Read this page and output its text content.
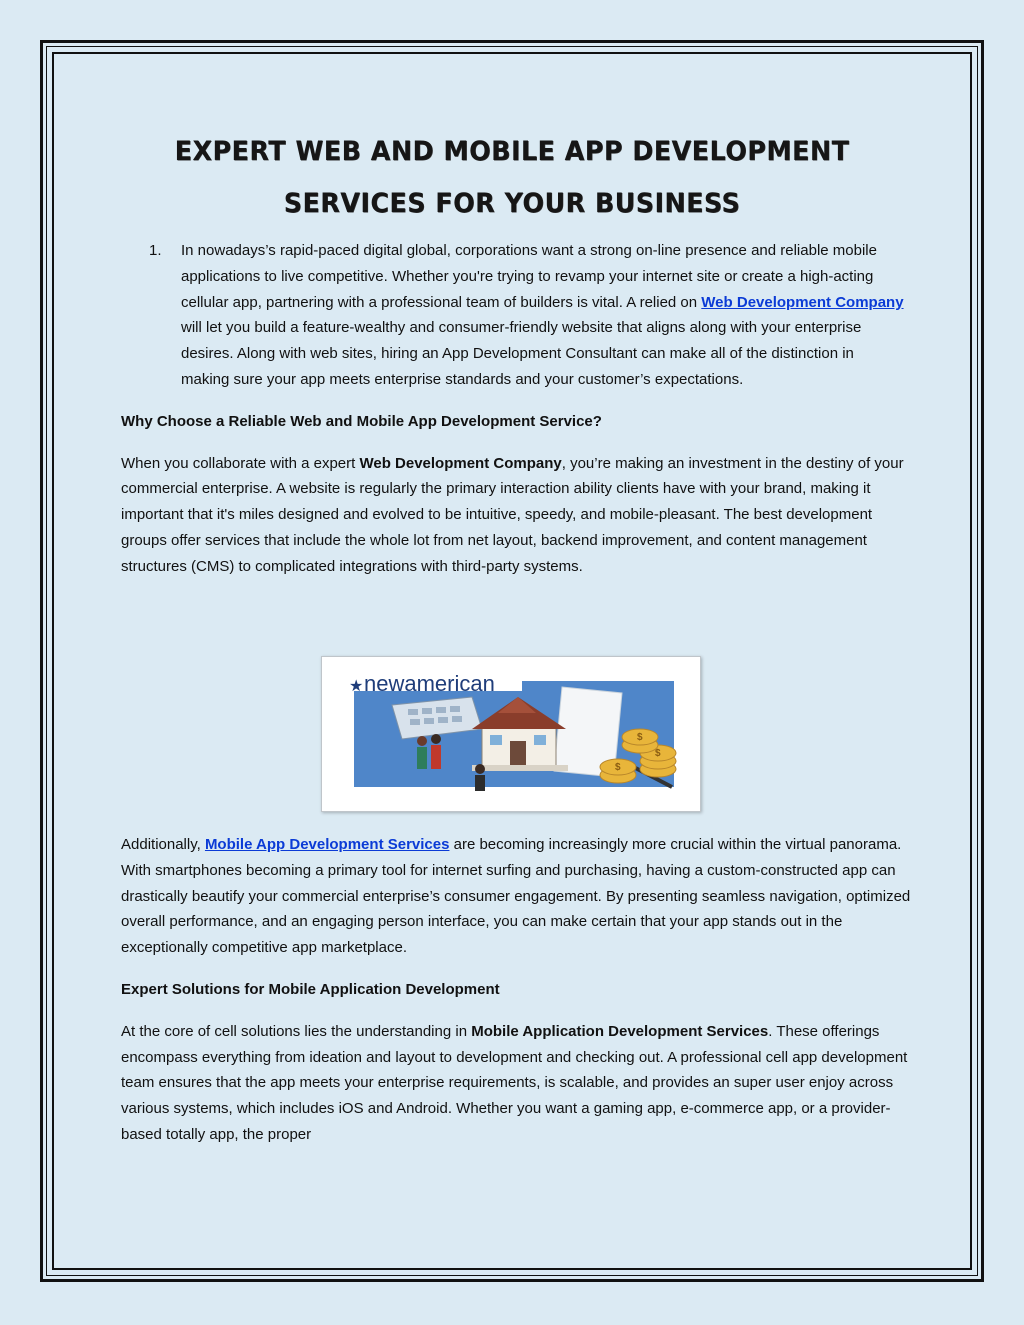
EXPERT WEB AND MOBILE APP DEVELOPMENT
SERVICES FOR YOUR BUSINESS
1. In nowadays’s rapid-paced digital global, corporations want a strong on-line presence and reliable mobile applications to live competitive. Whether you're trying to revamp your internet site or create a high-acting cellular app, partnering with a professional team of builders is vital. A relied on Web Development Company will let you build a feature-wealthy and consumer-friendly website that aligns along with your enterprise desires. Along with web sites, hiring an App Development Consultant can make all of the distinction in making sure your app meets enterprise standards and your customer’s expectations.

Why Choose a Reliable Web and Mobile App Development Service?

When you collaborate with a expert Web Development Company, you’re making an investment in the destiny of your commercial enterprise. A website is regularly the primary interaction ability clients have with your brand, making it important that it's miles designed and evolved to be intuitive, speedy, and mobile-pleasant. The best development groups offer services that include the whole lot from net layout, backend improvement, and content management structures (CMS) to complicated integrations with third-party systems.

newamerican
★
$
$
$

Additionally, Mobile App Development Services are becoming increasingly more crucial within the virtual panorama. With smartphones becoming a primary tool for internet surfing and purchasing, having a custom-constructed app can drastically beautify your commercial enterprise’s consumer engagement. By presenting seamless navigation, optimized overall performance, and an engaging person interface, you can make certain that your app stands out in the exceptionally competitive app marketplace.

Expert Solutions for Mobile Application Development

At the core of cell solutions lies the understanding in Mobile Application Development Services. These offerings encompass everything from ideation and layout to development and checking out. A professional cell app development team ensures that the app meets your enterprise requirements, is scalable, and provides an super user enjoy across various systems, which includes iOS and Android. Whether you want a gaming app, e-commerce app, or a provider-based totally app, the proper
